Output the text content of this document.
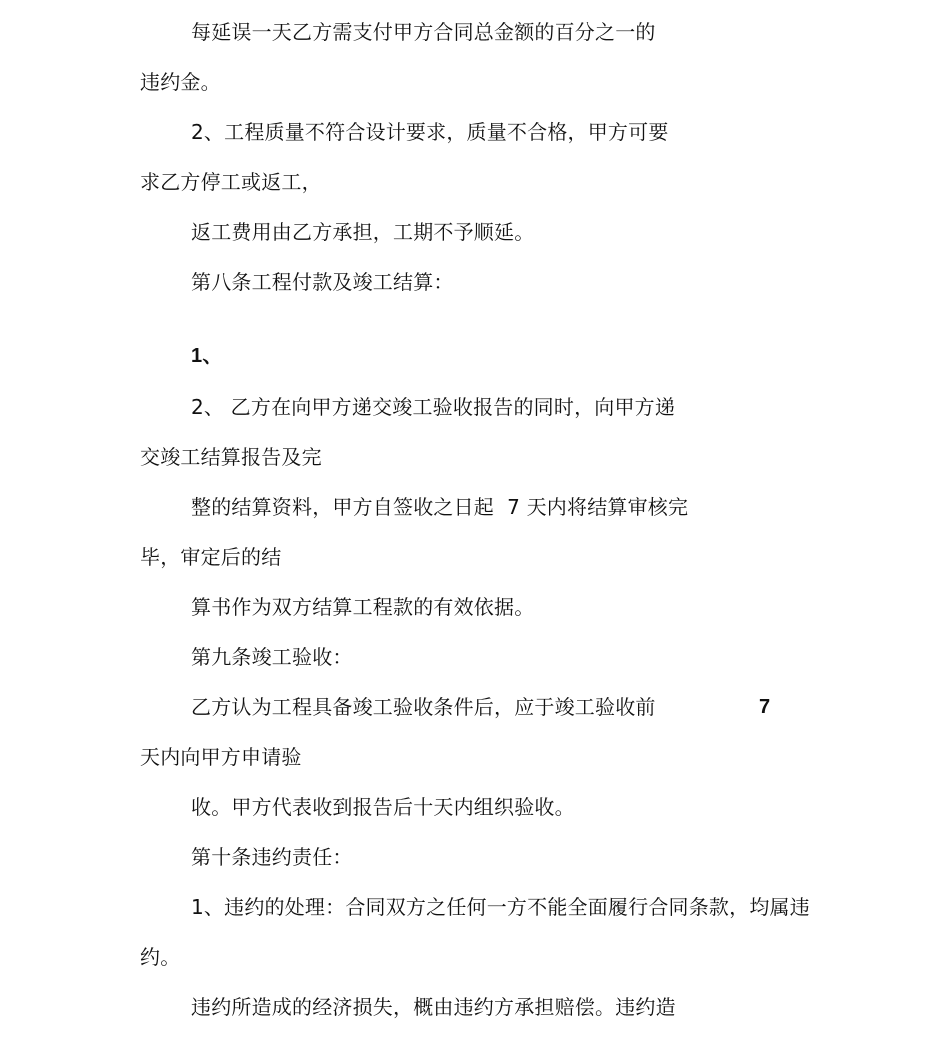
每延误一天乙方需支付甲方合同总金额的百分之一的
违约金。
2、工程质量不符合设计要求，质量不合格，甲方可要
求乙方停工或返工，
返工费用由乙方承担，工期不予顺延。
第八条工程付款及竣工结算：
1、
2、 乙方在向甲方递交竣工验收报告的同时，向甲方递
交竣工结算报告及完
整的结算资料，甲方自签收之日起  7 天内将结算审核完
毕，审定后的结
算书作为双方结算工程款的有效依据。
第九条竣工验收：
乙方认为工程具备竣工验收条件后，应于竣工验收前	7
天内向甲方申请验
收。甲方代表收到报告后十天内组织验收。
第十条违约责任：
1、违约的处理：合同双方之任何一方不能全面履行合同条款，均属违
约。
违约所造成的经济损失，概由违约方承担赔偿。违约造
